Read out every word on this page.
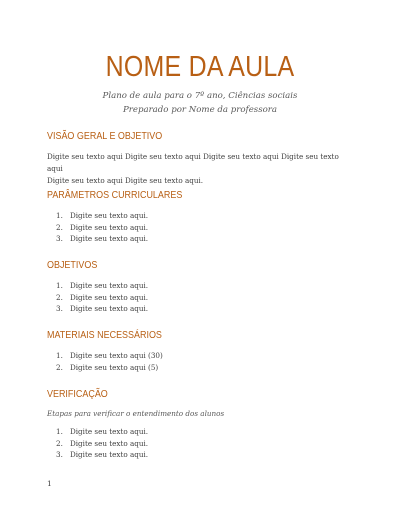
NOME DA AULA
Plano de aula para o 7º ano, Ciências sociais
Preparado por Nome da professora
VISÃO GERAL E OBJETIVO
Digite seu texto aqui Digite seu texto aqui Digite seu texto aqui Digite seu texto aqui
Digite seu texto aqui Digite seu texto aqui.
PARÂMETROS CURRICULARES
1. Digite seu texto aqui.
2. Digite seu texto aqui.
3. Digite seu texto aqui.
OBJETIVOS
1. Digite seu texto aqui.
2. Digite seu texto aqui.
3. Digite seu texto aqui.
MATERIAIS NECESSÁRIOS
1. Digite seu texto aqui (30)
2. Digite seu texto aqui (5)
VERIFICAÇÃO
Etapas para verificar o entendimento dos alunos
1. Digite seu texto aqui.
2. Digite seu texto aqui.
3. Digite seu texto aqui.
1
